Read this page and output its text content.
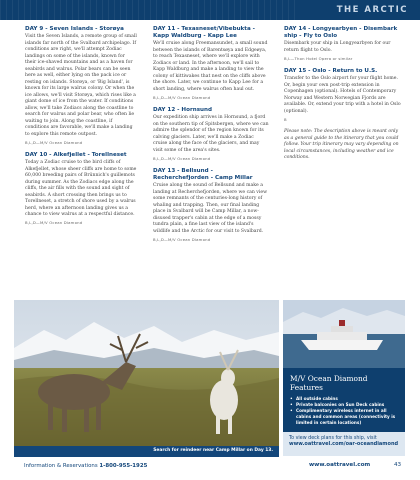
THE ARCTIC
DAY 9 - Seven Islands - Storøya

Visit the Seven Islands, a remote group of small islands far north of the Svalbard archipelago. If conditions are right, we'll attempt Zodiac landings on some of the islands, known for their ice-shaved mountains and as a haven for seabirds and walrus. Polar bears can be seen here as well, either lying on the pack ice or resting on islands. Storøya, or 'Big Island', is known for its large walrus colony. Or when the ice allows, we'll visit Storøya, which rises like a giant dome of ice from the water. If conditions allow, we'll take Zodiacs along the coastline to search for walrus and polar bear, who often lie waiting to join. Along the coastline, if conditions are favorable, we'll make a landing to explore this remote outpost.

B,L,D—M/V Ocean Diamond
DAY 10 - Alkefjellet - Torellneset

Today a Zodiac cruise to the bird cliffs of Alkefjellet, whose sheer cliffs are home to some 60,000 breeding pairs of Brünnich's guillemots during summer. As the Zodiacs edge along the cliffs, the air fills with the sound and sight of seabirds. A short crossing then brings us to Torellneset, a stretch of shore used by a walrus herd, where an afternoon landing gives us a chance to view walrus at a respectful distance.

B,L,D—M/V Ocean Diamond
DAY 11 - Texasneset/Vibebukta - Kapp Waldburg - Kapp Lee

We'll cruise along Freemansundet, a small sound between the islands of Barentsøya and Edgeøya, to reach Texasneset, where we'll explore with Zodiacs or land. In the afternoon, we'll sail to Kapp Waldburg and make a landing to view the colony of kittiwakes that nest on the cliffs above the shore. Later, we continue to Kapp Lee for a short landing, where walrus often haul out.

B,L,D—M/V Ocean Diamond
DAY 12 - Hornsund

Our expedition ship arrives in Hornsund, a fjord on the southern tip of Spitsbergen, where we can admire the splendor of the region known for its calving glaciers. Later, we'll make a Zodiac cruise along the face of the glaciers, and may visit some of the area's sites.

B,L,D—M/V Ocean Diamond
DAY 13 - Bellsund - Recherchefjorden - Camp Millar

Cruise along the sound of Bellsund and make a landing at Recherchefjorden, where we can view some remnants of the centuries-long history of whaling and trapping. Then, our final landing place in Svalbard will be Camp Millar, a now-disused trapper's cabin at the edge of a mossy tundra plain, a fine last view of the island's wildlife and the Arctic for our visit to Svalbard.

B,L,D—M/V Ocean Diamond
DAY 14 - Longyearbyen - Disembark ship - Fly to Oslo

Disembark your ship in Longyearbyen for our return flight to Oslo.

B,L—Thon Hotel Opera or similar
DAY 15 - Oslo - Return to U.S.

Transfer to the Oslo airport for your flight home. Or, begin your own post-trip extension in Copenhagen (optional). Hotels of Contemporary Norway and Western Norwegian Fjords are available. Or, extend your trip with a hotel in Oslo (optional).

B

Please note: The description above is meant only as a general guide to the itinerary that you could follow. Your trip itinerary may vary depending on local circumstances, including weather and ice conditions.

Search for reindeer near Camp Millar on Day 13.
M/V Ocean Diamond Features
• All outside cabins
• Private balconies on Sun Deck cabins
• Complimentary wireless internet in all cabins and common areas (connectivity is limited in certain locations)
To view deck plans for this ship, visit
www.oattravel.com/oar-oceandiamond
Information & Reservations 1-800-955-1925	www.oattravel.com	43
